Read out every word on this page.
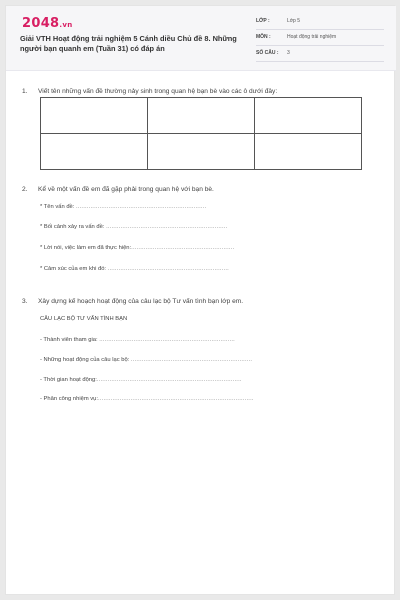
2048.vn
Giải VTH Hoạt động trải nghiệm 5 Cánh diều Chủ đề 8. Những người bạn quanh em (Tuần 31) có đáp án
LỚP :	Lớp 5
MÔN :	Hoạt động trải nghiệm
SỐ CÂU : 3
1. Viết tên những vấn đề thường nảy sinh trong quan hệ bạn bè vào các ô dưới đây:

2. Kể về một vấn đề em đã gặp phải trong quan hệ với bạn bè.
* Tên vấn đề: ........................................................................
* Bối cảnh xảy ra vấn đề: ...................................................................
* Lời nói, việc làm em đã thực hiện:.........................................................
* Cảm xúc của em khi đó: ...................................................................
3. Xây dựng kế hoạch hoạt động của câu lạc bộ Tư vấn tình bạn lớp em.
CÂU LẠC BỘ TƯ VẤN TÌNH BẠN
- Thành viên tham gia: ...........................................................................
- Những hoạt động của câu lạc bộ: ...................................................................
- Thời gian hoạt động:................................................................................
- Phân công nhiệm vụ:......................................................................................
